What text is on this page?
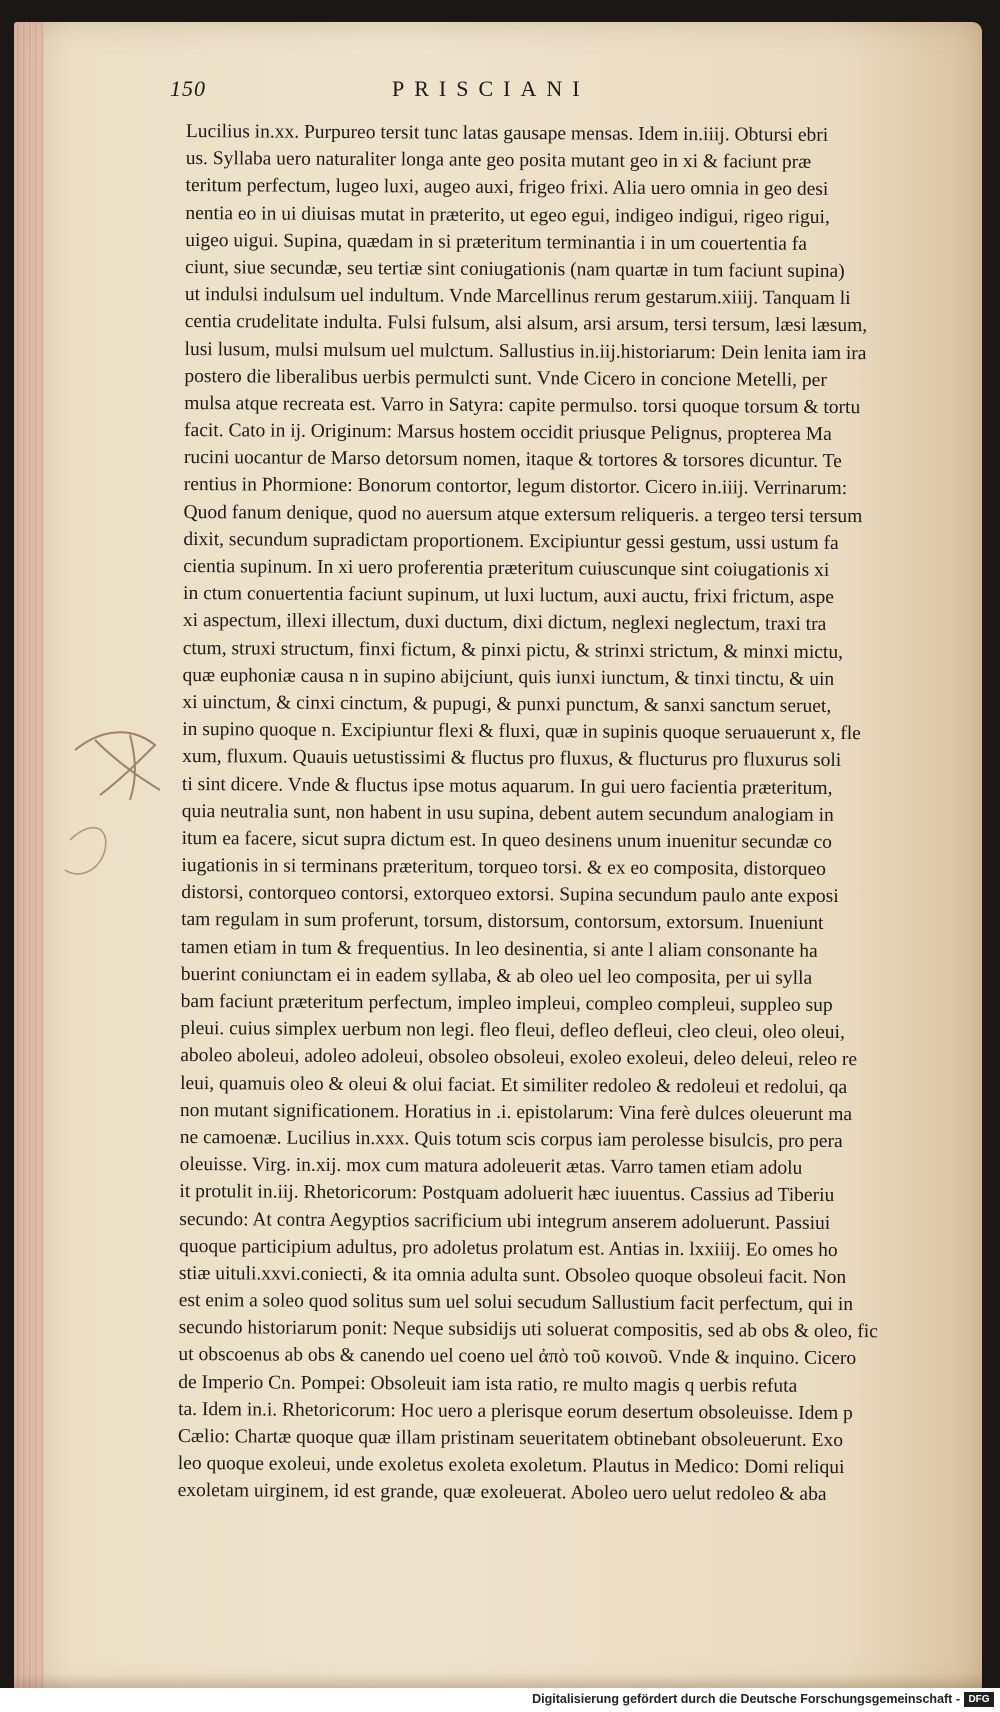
150	PRISCIANI
Lucilius in.xx. Purpureo tersit tunc latas gausape mensas. Idem in.iiij. Obtursi ebri
us. Syllaba uero naturaliter longa ante geo posita mutant geo in xi & faciunt præ
teritum perfectum, lugeo luxi, augeo auxi, frigeo frixi. Alia uero omnia in geo desi
nentia eo in ui diuisas mutat in præterito, ut egeo egui, indigeo indigui, rigeo rigui,
uigeo uigui. Supina, quædam in si præteritum terminantia i in um couertentia fa
ciunt, siue secundæ, seu tertiæ sint coniugationis (nam quartæ in tum faciunt supina)
ut indulsi indulsum uel indultum. Vnde Marcellinus rerum gestarum.xiiij. Tanquam li
centia crudelitate indulta. Fulsi fulsum, alsi alsum, arsi arsum, tersi tersum, læsi læsum,
lusi lusum, mulsi mulsum uel mulctum. Sallustius in.iij.historiarum: Dein lenita iam ira
postero die liberalibus uerbis permulcti sunt. Vnde Cicero in concione Metelli, per
mulsa atque recreata est. Varro in Satyra: capite permulso. torsi quoque torsum & tortu
facit. Cato in ij. Originum: Marsus hostem occidit priusque Pelignus, propterea Ma
rucini uocantur de Marso detorsum nomen, itaque & tortores & torsores dicuntur. Te
rentius in Phormione: Bonorum contortor, legum distortor. Cicero in.iiij. Verrinarum:
Quod fanum denique, quod no auersum atque extersum reliqueris. a tergeo tersi tersum
dixit, secundum supradictam proportionem. Excipiuntur gessi gestum, ussi ustum fa
cientia supinum. In xi uero proferentia præteritum cuiuscunque sint coiugationis xi
in ctum conuertentia faciunt supinum, ut luxi luctum, auxi auctu, frixi frictum, aspe
xi aspectum, illexi illectum, duxi ductum, dixi dictum, neglexi neglectum, traxi tra
ctum, struxi structum, finxi fictum, & pinxi pictu, & strinxi strictum, & minxi mictu,
quæ euphoniæ causa n in supino abijciunt, quis iunxi iunctum, & tinxi tinctu, & uin
xi uinctum, & cinxi cinctum, & pupugi, & punxi punctum, & sanxi sanctum seruet,
in supino quoque n. Excipiuntur flexi & fluxi, quæ in supinis quoque seruauerunt x, fle
xum, fluxum. Quauis uetustissimi & fluctus pro fluxus, & flucturus pro fluxurus soli
ti sint dicere. Vnde & fluctus ipse motus aquarum. In gui uero facientia præteritum,
quia neutralia sunt, non habent in usu supina, debent autem secundum analogiam in
itum ea facere, sicut supra dictum est. In queo desinens unum inuenitur secundæ co
iugationis in si terminans præteritum, torqueo torsi. & ex eo composita, distorqueo
distorsi, contorqueo contorsi, extorqueo extorsi. Supina secundum paulo ante exposi
tam regulam in sum proferunt, torsum, distorsum, contorsum, extorsum. Inueniunt
tamen etiam in tum & frequentius. In leo desinentia, si ante l aliam consonante ha
buerint coniunctam ei in eadem syllaba, & ab oleo uel leo composita, per ui sylla
bam faciunt præteritum perfectum, impleo impleui, compleo compleui, suppleo sup
pleui. cuius simplex uerbum non legi. fleo fleui, defleo defleui, cleo cleui, oleo oleui,
aboleo aboleui, adoleo adoleui, obsoleo obsoleui, exoleo exoleui, deleo deleui, releo re
leui, quamuis oleo & oleui & olui faciat. Et similiter redoleo & redoleui et redolui, qa
non mutant significationem. Horatius in .i. epistolarum: Vina ferè dulces oleuerunt ma
ne camoenæ. Lucilius in.xxx. Quis totum scis corpus iam perolesse bisulcis, pro pera
oleuisse. Virg. in.xij. mox cum matura adoleuerit ætas. Varro tamen etiam adolu
it protulit in.iij. Rhetoricorum: Postquam adoluerit hæc iuuentus. Cassius ad Tiberiu
secundo: At contra Aegyptios sacrificium ubi integrum anserem adoluerunt. Passiui
quoque participium adultus, pro adoletus prolatum est. Antias in. lxxiiij. Eo omes ho
stiæ uituli.xxvi.coniecti, & ita omnia adulta sunt. Obsoleo quoque obsoleui facit. Non
est enim a soleo quod solitus sum uel solui secudum Sallustium facit perfectum, qui in
secundo historiarum ponit: Neque subsidijs uti soluerat compositis, sed ab obs & oleo, fic
ut obscoenus ab obs & canendo uel coeno uel ἀπὸ τοῦ κοινοῦ. Vnde & inquino. Cicero
de Imperio Cn. Pompei: Obsoleuit iam ista ratio, re multo magis q uerbis refuta
ta. Idem in.i. Rhetoricorum: Hoc uero a plerisque eorum desertum obsoleuisse. Idem p
Cælio: Chartæ quoque quæ illam pristinam seueritatem obtinebant obsoleuerunt. Exo
leo quoque exoleui, unde exoletus exoleta exoletum. Plautus in Medico: Domi reliqui
exoletam uirginem, id est grande, quæ exoleuerat. Aboleo uero uelut redoleo & aba
Digitalisierung gefördert durch die Deutsche Forschungsgemeinschaft - DFG
